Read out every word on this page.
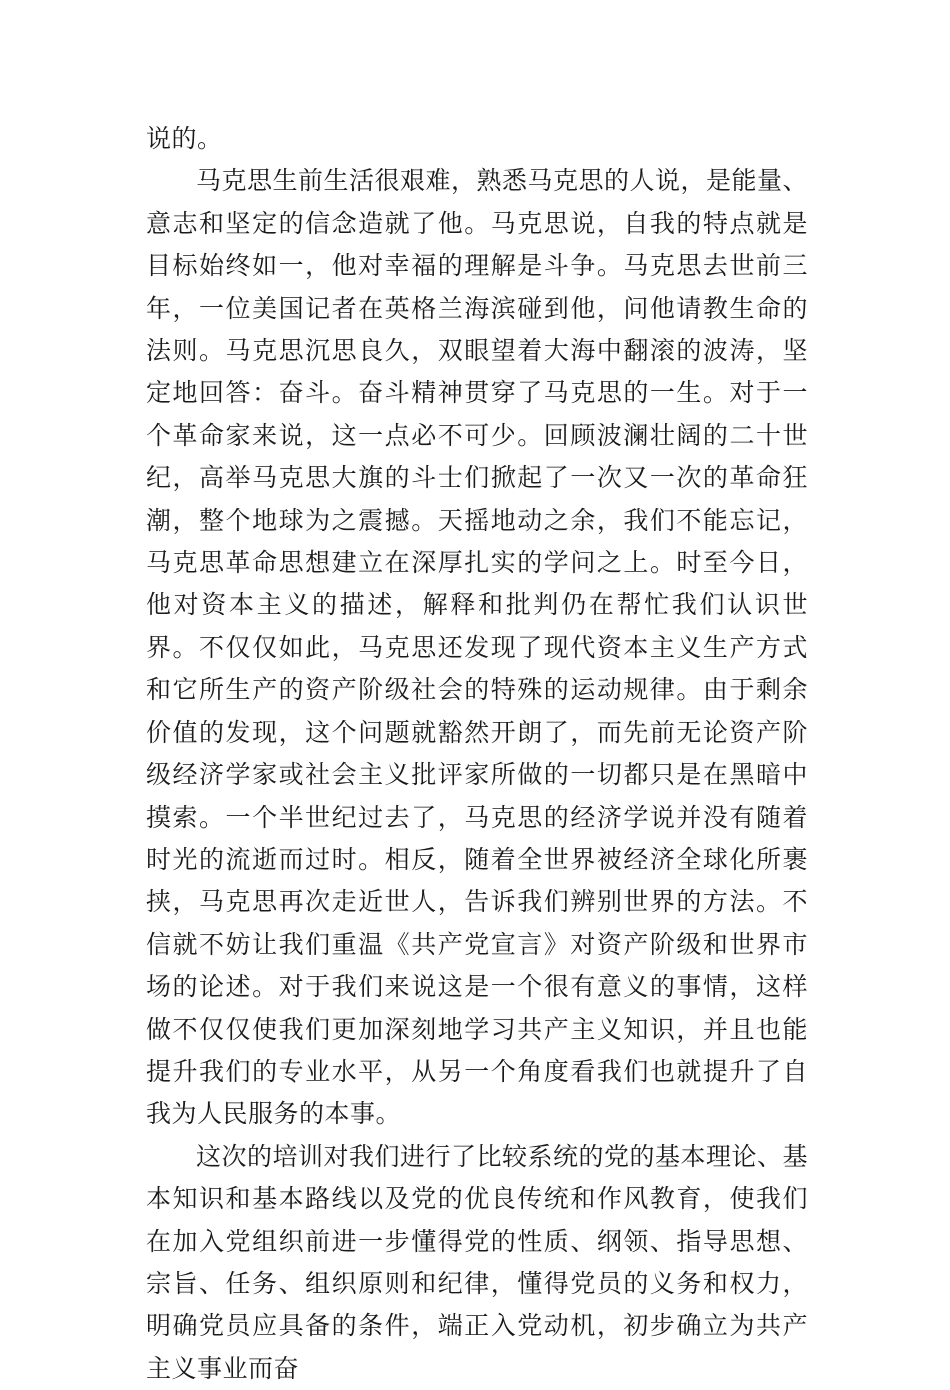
说的。

马克思生前生活很艰难，熟悉马克思的人说，是能量、意志和坚定的信念造就了他。马克思说，自我的特点就是目标始终如一，他对幸福的理解是斗争。马克思去世前三年，一位美国记者在英格兰海滨碰到他，问他请教生命的法则。马克思沉思良久，双眼望着大海中翻滚的波涛，坚定地回答：奋斗。奋斗精神贯穿了马克思的一生。对于一个革命家来说，这一点必不可少。回顾波澜壮阔的二十世纪，高举马克思大旗的斗士们掀起了一次又一次的革命狂潮，整个地球为之震撼。天摇地动之余，我们不能忘记，马克思革命思想建立在深厚扎实的学问之上。时至今日，他对资本主义的描述，解释和批判仍在帮忙我们认识世界。不仅仅如此，马克思还发现了现代资本主义生产方式和它所生产的资产阶级社会的特殊的运动规律。由于剩余价值的发现，这个问题就豁然开朗了，而先前无论资产阶级经济学家或社会主义批评家所做的一切都只是在黑暗中摸索。一个半世纪过去了，马克思的经济学说并没有随着时光的流逝而过时。相反，随着全世界被经济全球化所裹挟，马克思再次走近世人，告诉我们辨别世界的方法。不信就不妨让我们重温《共产党宣言》对资产阶级和世界市场的论述。对于我们来说这是一个很有意义的事情，这样做不仅仅使我们更加深刻地学习共产主义知识，并且也能提升我们的专业水平，从另一个角度看我们也就提升了自我为人民服务的本事。

这次的培训对我们进行了比较系统的党的基本理论、基本知识和基本路线以及党的优良传统和作风教育，使我们在加入党组织前进一步懂得党的性质、纲领、指导思想、宗旨、任务、组织原则和纪律，懂得党员的义务和权力，明确党员应具备的条件，端正入党动机，初步确立为共产主义事业而奋
